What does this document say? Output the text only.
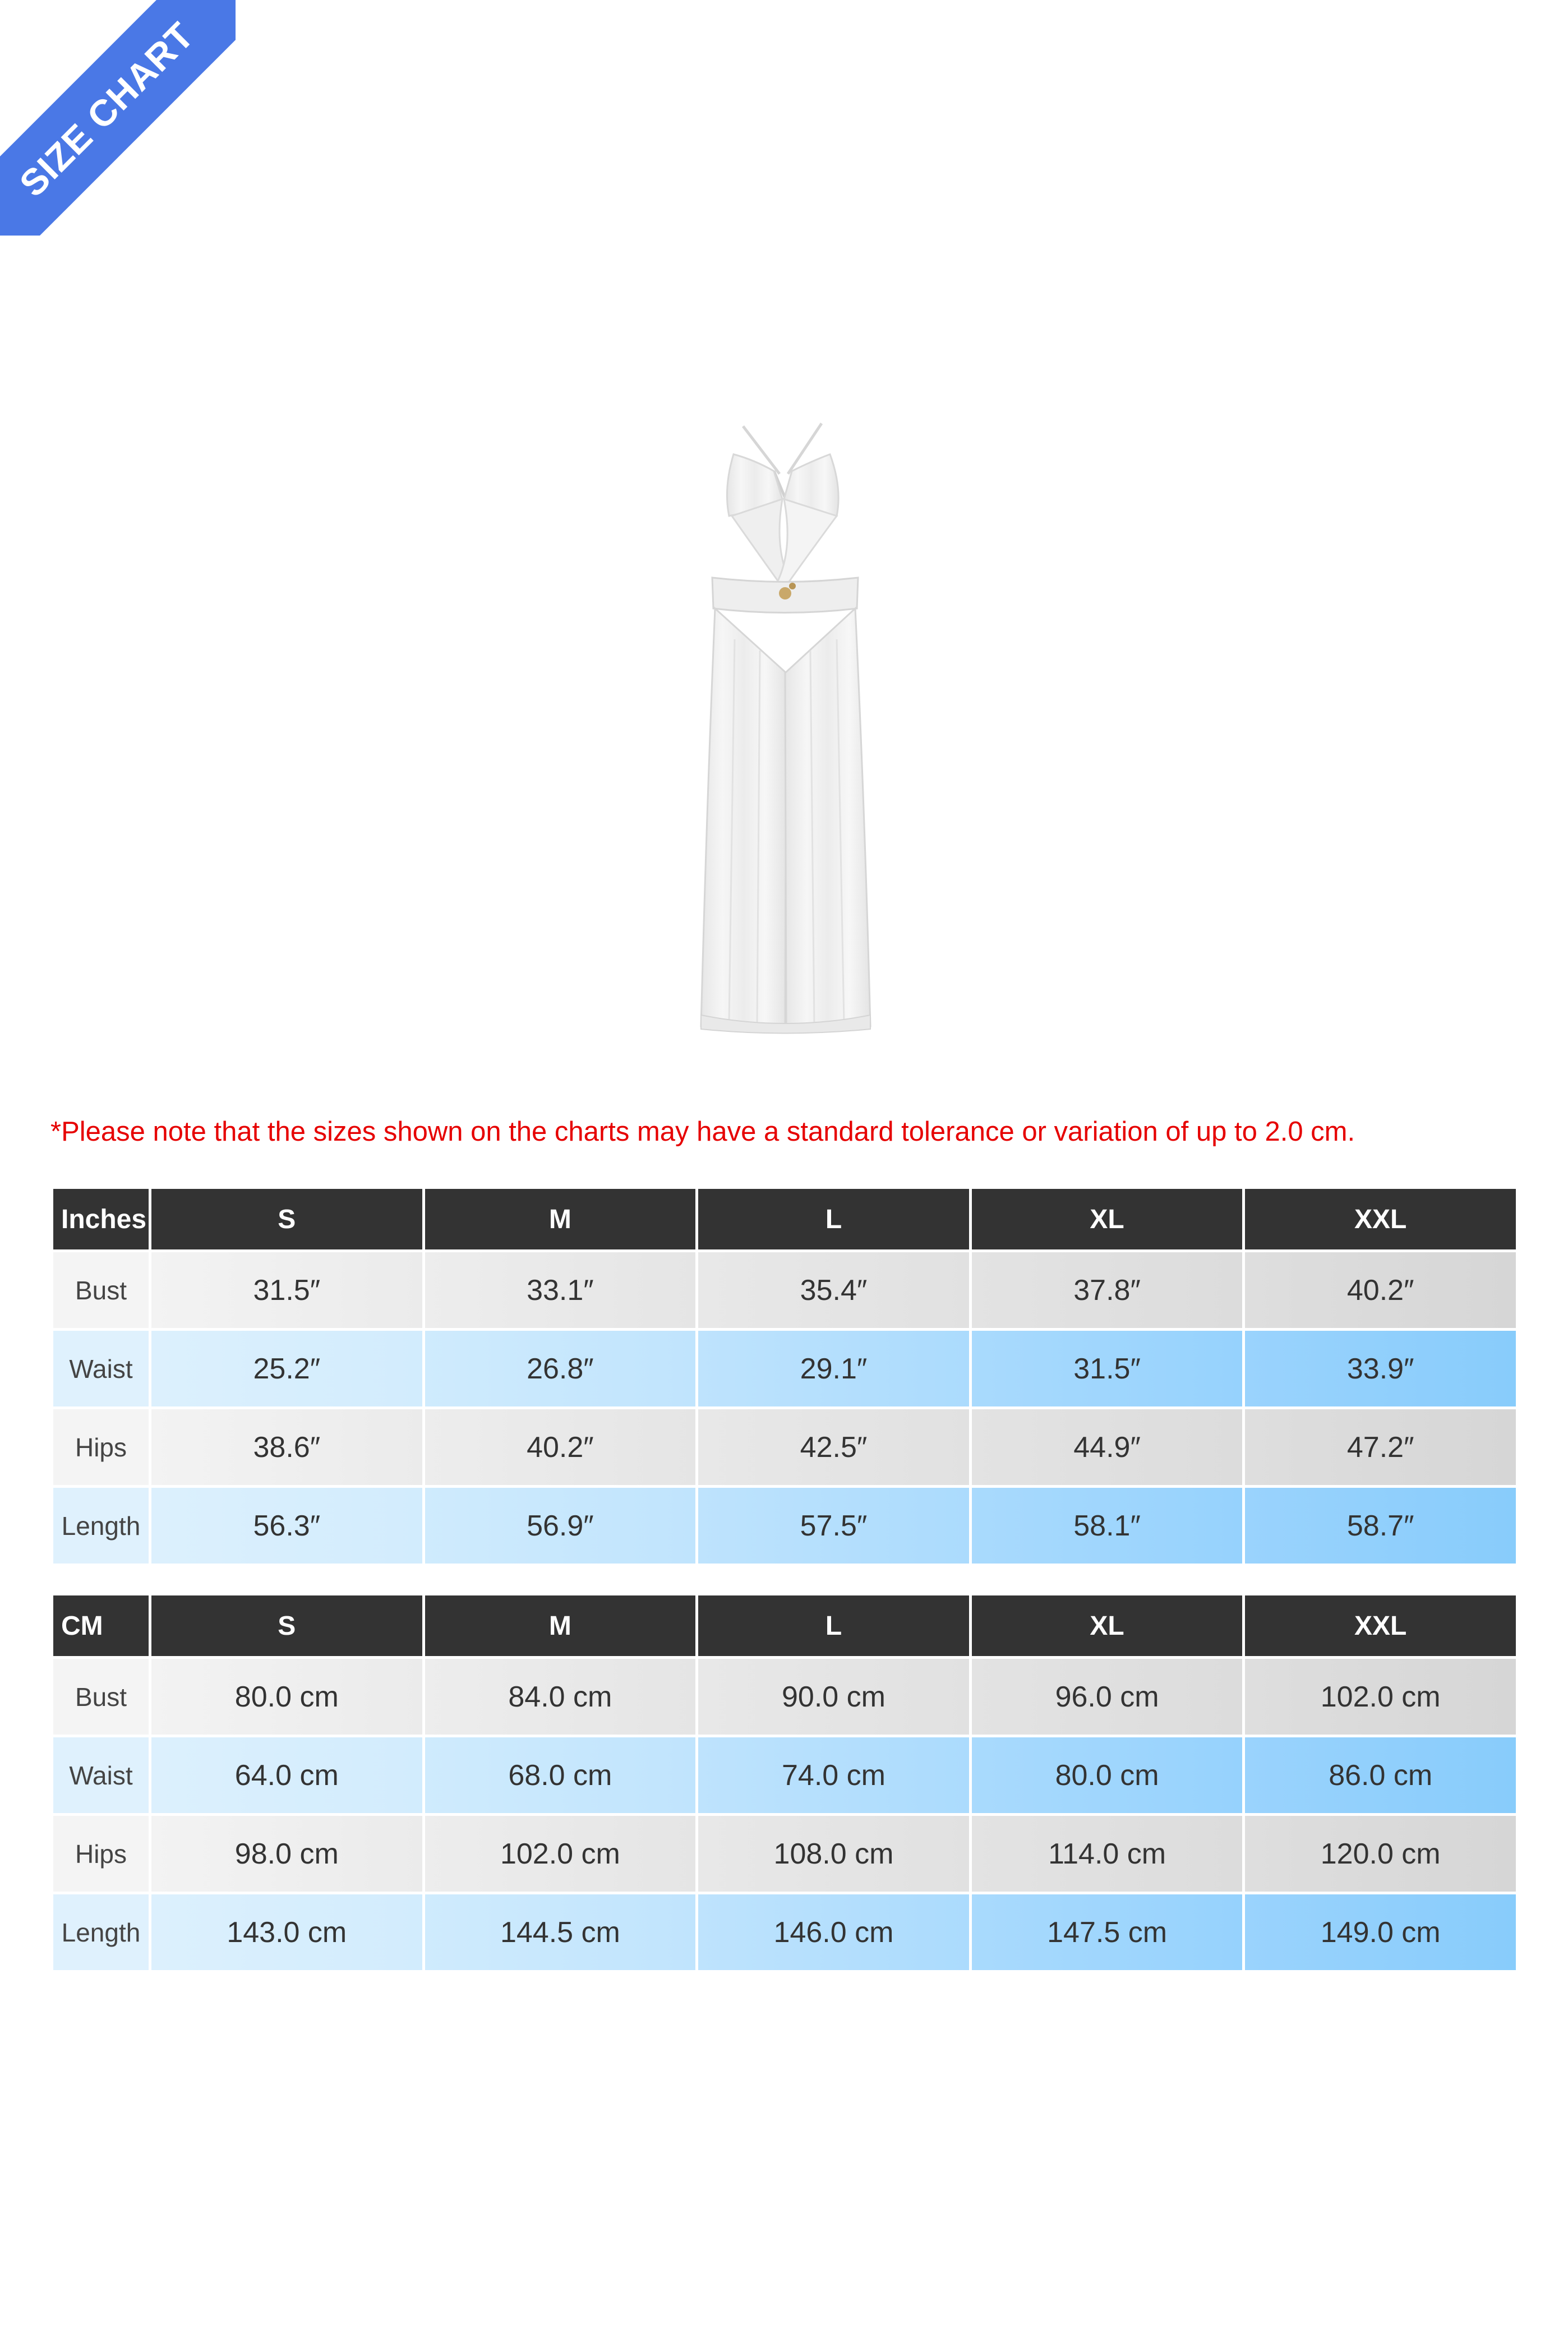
SIZE CHART
*Please note that the sizes shown on the charts may have a standard tolerance or variation of up to 2.0 cm.
Inches	S	M	L	XL	XXL
Bust	31.5″	33.1″	35.4″	37.8″	40.2″
Waist	25.2″	26.8″	29.1″	31.5″	33.9″
Hips	38.6″	40.2″	42.5″	44.9″	47.2″
Length	56.3″	56.9″	57.5″	58.1″	58.7″
CM	S	M	L	XL	XXL
Bust	80.0 cm	84.0 cm	90.0 cm	96.0 cm	102.0 cm
Waist	64.0 cm	68.0 cm	74.0 cm	80.0 cm	86.0 cm
Hips	98.0 cm	102.0 cm	108.0 cm	114.0 cm	120.0 cm
Length	143.0 cm	144.5 cm	146.0 cm	147.5 cm	149.0 cm
